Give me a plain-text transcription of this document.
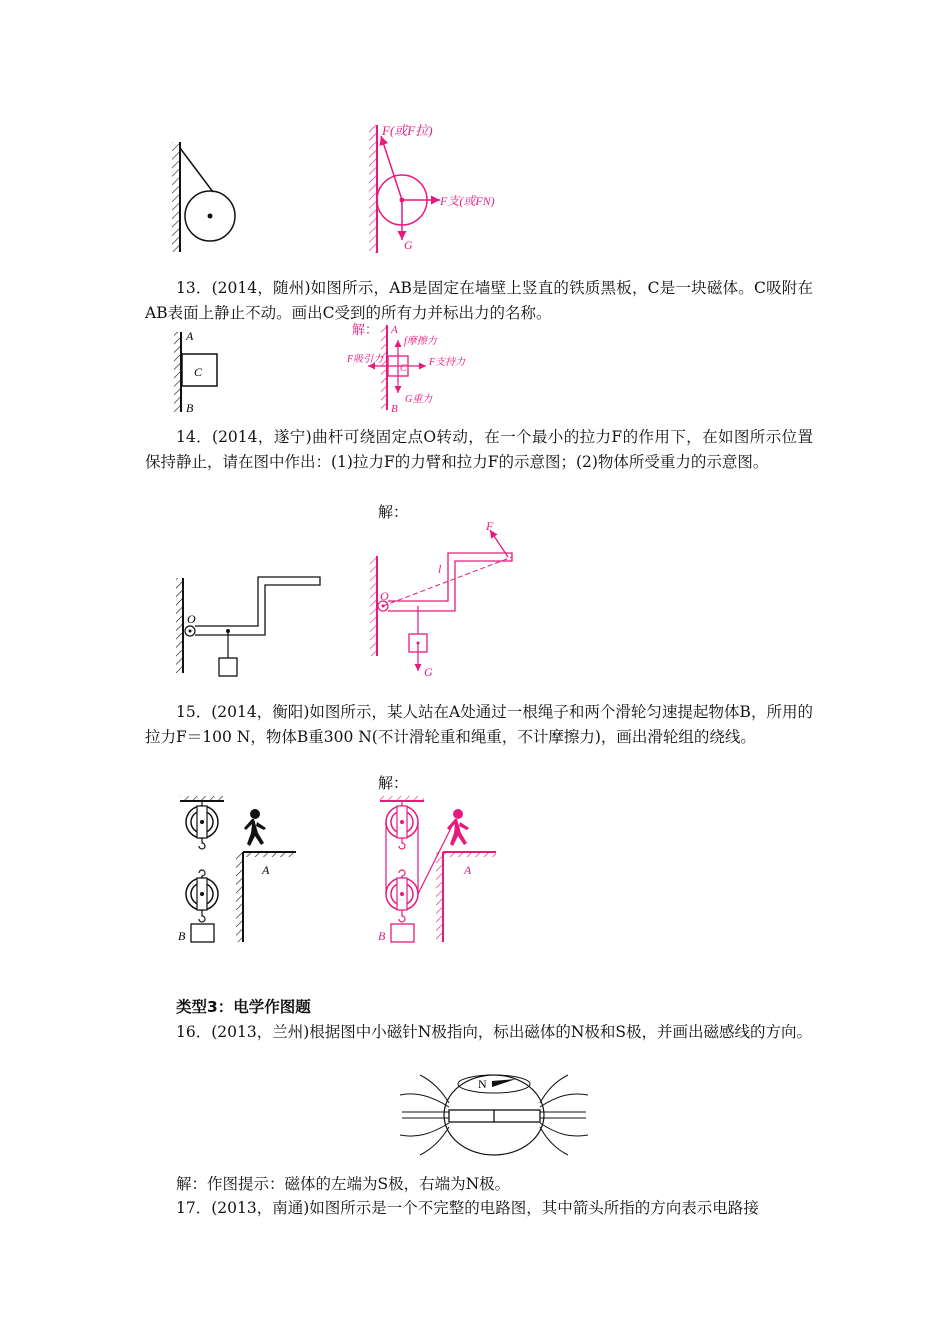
F(或F拉)
F支(或FN)
G

13．(2014，随州)如图所示，AB是固定在墙壁上竖直的铁质黑板，C是一块磁体。C吸附在AB表面上静止不动。画出C受到的所有力并标出力的名称。

A
C
B
解： A
B
C
f摩擦力
F吸引力	F支持力
G重力

14．(2014，遂宁)曲杆可绕固定点O转动，在一个最小的拉力F的作用下，在如图所示位置保持静止，请在图中作出：(1)拉力F的力臂和拉力F的示意图；(2)物体所受重力的示意图。

解：
O
O
F
l
G

15．(2014，衡阳)如图所示，某人站在A处通过一根绳子和两个滑轮匀速提起物体B，所用的拉力F＝100 N，物体B重300 N(不计滑轮重和绳重，不计摩擦力)，画出滑轮组的绕线。

解：
B
A
B
A

类型3：电学作图题

16．(2013，兰州)根据图中小磁针N极指向，标出磁体的N极和S极，并画出磁感线的方向。

N

解：作图提示：磁体的左端为S极，右端为N极。

17．(2013，南通)如图所示是一个不完整的电路图，其中箭头所指的方向表示电路接
